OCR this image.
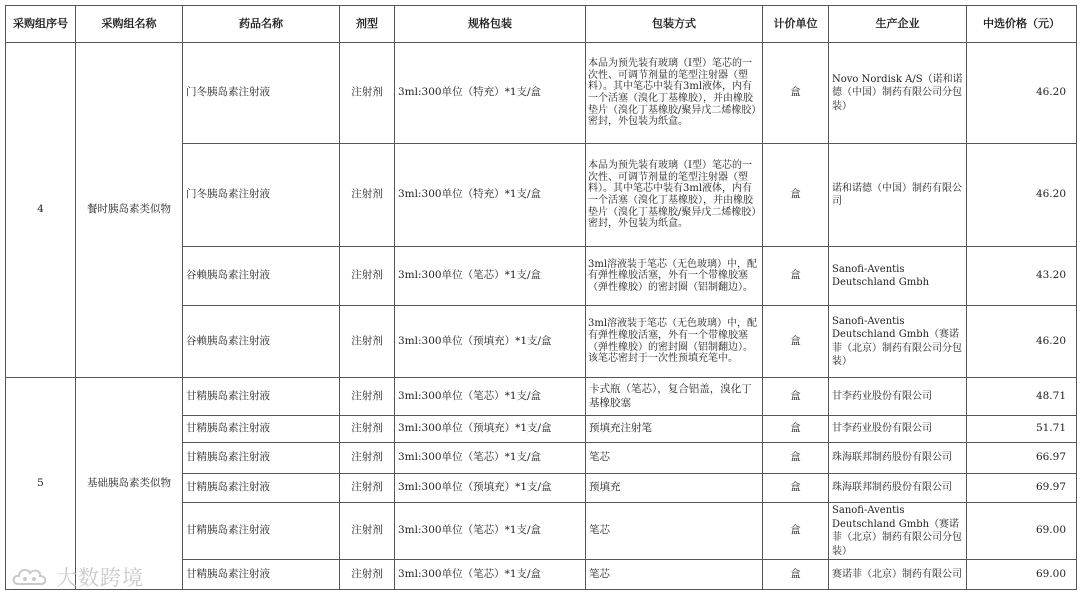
采购组序号	采购组名称	药品名称	剂型	规格包装	包装方式	计价单位	生产企业	中选价格（元）
4	餐时胰岛素类似物	门冬胰岛素注射液	注射剂	3ml:300单位（特充）*1支/盒	本品为预先装有玻璃（Ⅰ型）笔芯的一次性、可调节剂量的笔型注射器（塑料）。其中笔芯中装有3ml液体，内有一个活塞（溴化丁基橡胶），并由橡胶垫片（溴化丁基橡胶/聚异戊二烯橡胶）密封，外包装为纸盒。	盒	Novo Nordisk A/S（诺和诺德（中国）制药有限公司分包装）	46.20
		门冬胰岛素注射液	注射剂	3ml:300单位（特充）*1支/盒	本品为预先装有玻璃（Ⅰ型）笔芯的一次性、可调节剂量的笔型注射器（塑料）。其中笔芯中装有3ml液体，内有一个活塞（溴化丁基橡胶），并由橡胶垫片（溴化丁基橡胶/聚异戊二烯橡胶）密封，外包装为纸盒。	盒	诺和诺德（中国）制药有限公司	46.20
		谷赖胰岛素注射液	注射剂	3ml:300单位（笔芯）*1支/盒	3ml溶液装于笔芯（无色玻璃）中，配有弹性橡胶活塞，外有一个带橡胶塞（弹性橡胶）的密封圈（铝制翻边）。	盒	Sanofi-Aventis Deutschland Gmbh	43.20
		谷赖胰岛素注射液	注射剂	3ml:300单位（预填充）*1支/盒	3ml溶液装于笔芯（无色玻璃）中，配有弹性橡胶活塞，外有一个带橡胶塞（弹性橡胶）的密封圈（铝制翻边）。该笔芯密封于一次性预填充笔中。	盒	Sanofi-Aventis Deutschland Gmbh（赛诺菲（北京）制药有限公司分包装）	46.20
5	基础胰岛素类似物	甘精胰岛素注射液	注射剂	3ml:300单位（笔芯）*1支/盒	卡式瓶（笔芯），复合铝盖，溴化丁基橡胶塞	盒	甘李药业股份有限公司	48.71
		甘精胰岛素注射液	注射剂	3ml:300单位（预填充）*1支/盒	预填充注射笔	盒	甘李药业股份有限公司	51.71
		甘精胰岛素注射液	注射剂	3ml:300单位（笔芯）*1支/盒	笔芯	盒	珠海联邦制药股份有限公司	66.97
		甘精胰岛素注射液	注射剂	3ml:300单位（预填充）*1支/盒	预填充	盒	珠海联邦制药股份有限公司	69.97
		甘精胰岛素注射液	注射剂	3ml:300单位（笔芯）*1支/盒	笔芯	盒	Sanofi-Aventis Deutschland Gmbh（赛诺菲（北京）制药有限公司分包装）	69.00
		甘精胰岛素注射液	注射剂	3ml:300单位（笔芯）*1支/盒	笔芯	盒	赛诺菲（北京）制药有限公司	69.00
大数跨境
